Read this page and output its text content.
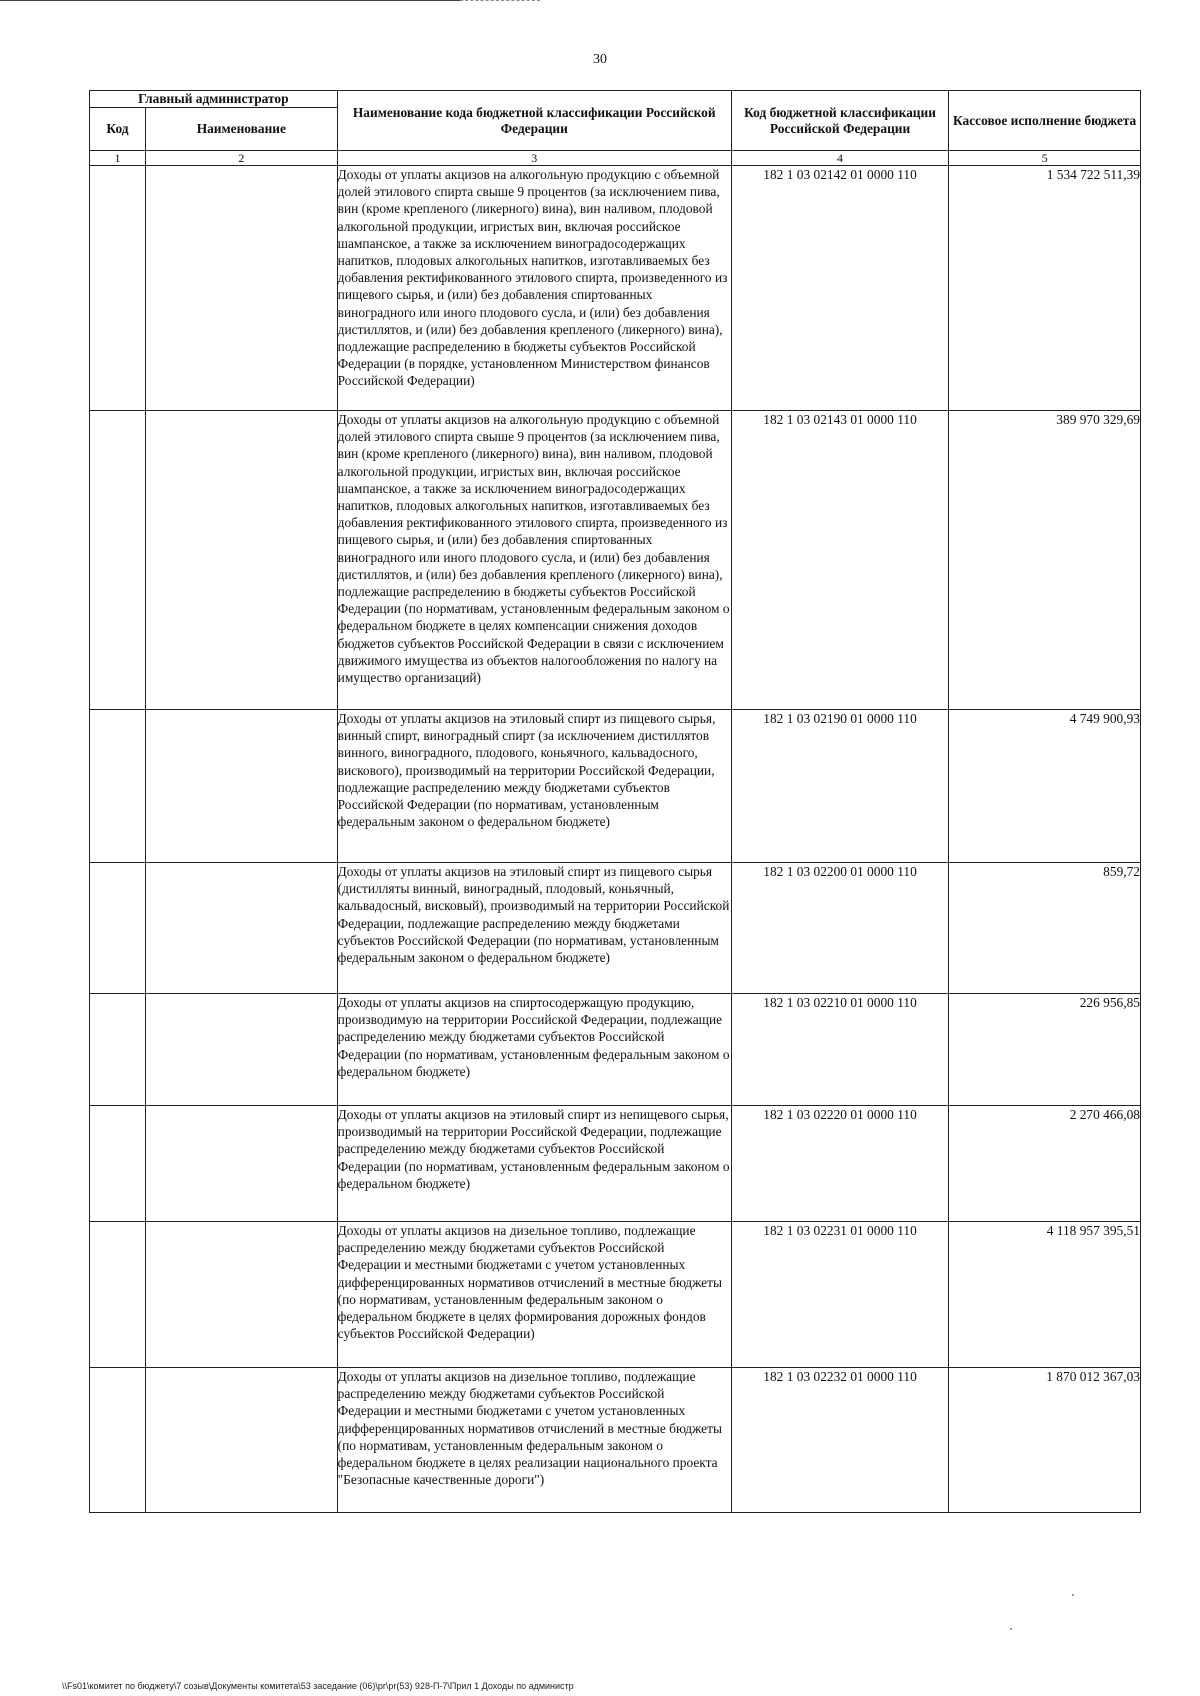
30
Главный администратор		Наименование кода бюджетной классификации Российской Федерации	Код бюджетной классификации Российской Федерации	Кассовое исполнение бюджета
Код	Наименование			
1	2	3	4	5
		Доходы от уплаты акцизов на алкогольную продукцию с объемной долей этилового спирта свыше 9 процентов (за исключением пива, вин (кроме крепленого (ликерного) вина), вин наливом, плодовой алкогольной продукции, игристых вин, включая российское шампанское, а также за исключением виноградосодержащих напитков, плодовых алкогольных напитков, изготавливаемых без добавления ректификованного этилового спирта, произведенного из пищевого сырья, и (или) без добавления спиртованных виноградного или иного плодового сусла, и (или) без добавления дистиллятов, и (или) без добавления крепленого (ликерного) вина), подлежащие распределению в бюджеты субъектов Российской Федерации (в порядке, установленном Министерством финансов Российской Федерации)	182 1 03 02142 01 0000 110	1 534 722 511,39
		Доходы от уплаты акцизов на алкогольную продукцию с объемной долей этилового спирта свыше 9 процентов (за исключением пива, вин (кроме крепленого (ликерного) вина), вин наливом, плодовой алкогольной продукции, игристых вин, включая российское шампанское, а также за исключением виноградосодержащих напитков, плодовых алкогольных напитков, изготавливаемых без добавления ректификованного этилового спирта, произведенного из пищевого сырья, и (или) без добавления спиртованных виноградного или иного плодового сусла, и (или) без добавления дистиллятов, и (или) без добавления крепленого (ликерного) вина), подлежащие распределению в бюджеты субъектов Российской Федерации (по нормативам, установленным федеральным законом о федеральном бюджете в целях компенсации снижения доходов бюджетов субъектов Российской Федерации в связи с исключением движимого имущества из объектов налогообложения по налогу на имущество организаций)	182 1 03 02143 01 0000 110	389 970 329,69
		Доходы от уплаты акцизов на этиловый спирт из пищевого сырья, винный спирт, виноградный спирт (за исключением дистиллятов винного, виноградного, плодового, коньячного, кальвадосного, вискового), производимый на территории Российской Федерации, подлежащие распределению между бюджетами субъектов Российской Федерации (по нормативам, установленным федеральным законом о федеральном бюджете)	182 1 03 02190 01 0000 110	4 749 900,93
		Доходы от уплаты акцизов на этиловый спирт из пищевого сырья (дистилляты винный, виноградный, плодовый, коньячный, кальвадосный, висковый), производимый на территории Российской Федерации, подлежащие распределению между бюджетами субъектов Российской Федерации (по нормативам, установленным федеральным законом о федеральном бюджете)	182 1 03 02200 01 0000 110	859,72
		Доходы от уплаты акцизов на спиртосодержащую продукцию, производимую на территории Российской Федерации, подлежащие распределению между бюджетами субъектов Российской Федерации (по нормативам, установленным федеральным законом о федеральном бюджете)	182 1 03 02210 01 0000 110	226 956,85
		Доходы от уплаты акцизов на этиловый спирт из непищевого сырья, производимый на территории Российской Федерации, подлежащие распределению между бюджетами субъектов Российской Федерации (по нормативам, установленным федеральным законом о федеральном бюджете)	182 1 03 02220 01 0000 110	2 270 466,08
		Доходы от уплаты акцизов на дизельное топливо, подлежащие распределению между бюджетами субъектов Российской Федерации и местными бюджетами с учетом установленных дифференцированных нормативов отчислений в местные бюджеты (по нормативам, установленным федеральным законом о федеральном бюджете в целях формирования дорожных фондов субъектов Российской Федерации)	182 1 03 02231 01 0000 110	4 118 957 395,51
		Доходы от уплаты акцизов на дизельное топливо, подлежащие распределению между бюджетами субъектов Российской Федерации и местными бюджетами с учетом установленных дифференцированных нормативов отчислений в местные бюджеты (по нормативам, установленным федеральным законом о федеральном бюджете в целях реализации национального проекта "Безопасные качественные дороги")	182 1 03 02232 01 0000 110	1 870 012 367,03
\\Fs01\комитет по бюджету\7 созыв\Документы комитета\53 заседание (06)\pr\pr(53) 928-П-7\Прил 1 Доходы по администр
